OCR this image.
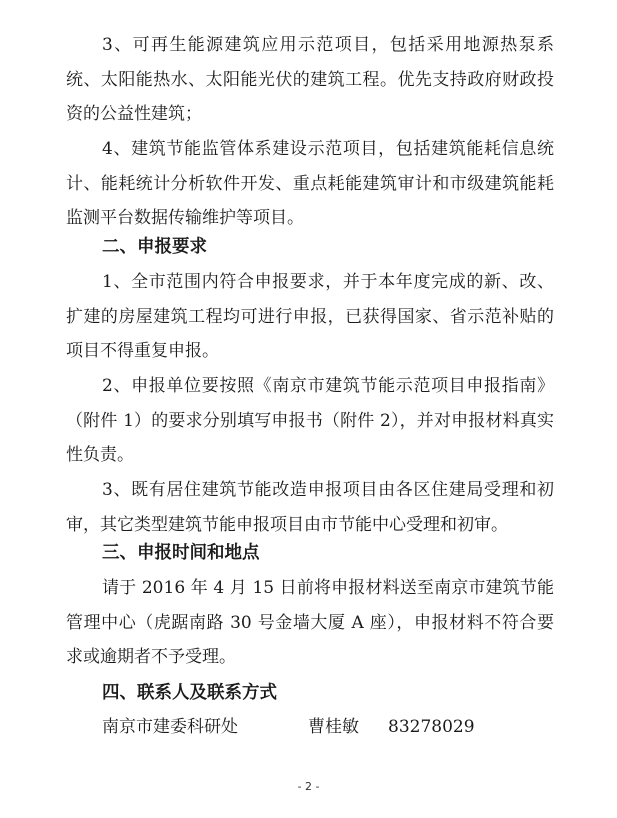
3、可再生能源建筑应用示范项目，包括采用地源热泵系统、太阳能热水、太阳能光伏的建筑工程。优先支持政府财政投资的公益性建筑；

4、建筑节能监管体系建设示范项目，包括建筑能耗信息统计、能耗统计分析软件开发、重点耗能建筑审计和市级建筑能耗监测平台数据传输维护等项目。

二、申报要求

1、全市范围内符合申报要求，并于本年度完成的新、改、扩建的房屋建筑工程均可进行申报，已获得国家、省示范补贴的项目不得重复申报。

2、申报单位要按照《南京市建筑节能示范项目申报指南》（附件 1）的要求分别填写申报书（附件 2），并对申报材料真实性负责。

3、既有居住建筑节能改造申报项目由各区住建局受理和初审，其它类型建筑节能申报项目由市节能中心受理和初审。

三、申报时间和地点

请于 2016 年 4 月 15 日前将申报材料送至南京市建筑节能管理中心（虎踞南路 30 号金墙大厦 A 座），申报材料不符合要求或逾期者不予受理。

四、联系人及联系方式
南京市建委科研处	曹桂敏 83278029
- 2 -
